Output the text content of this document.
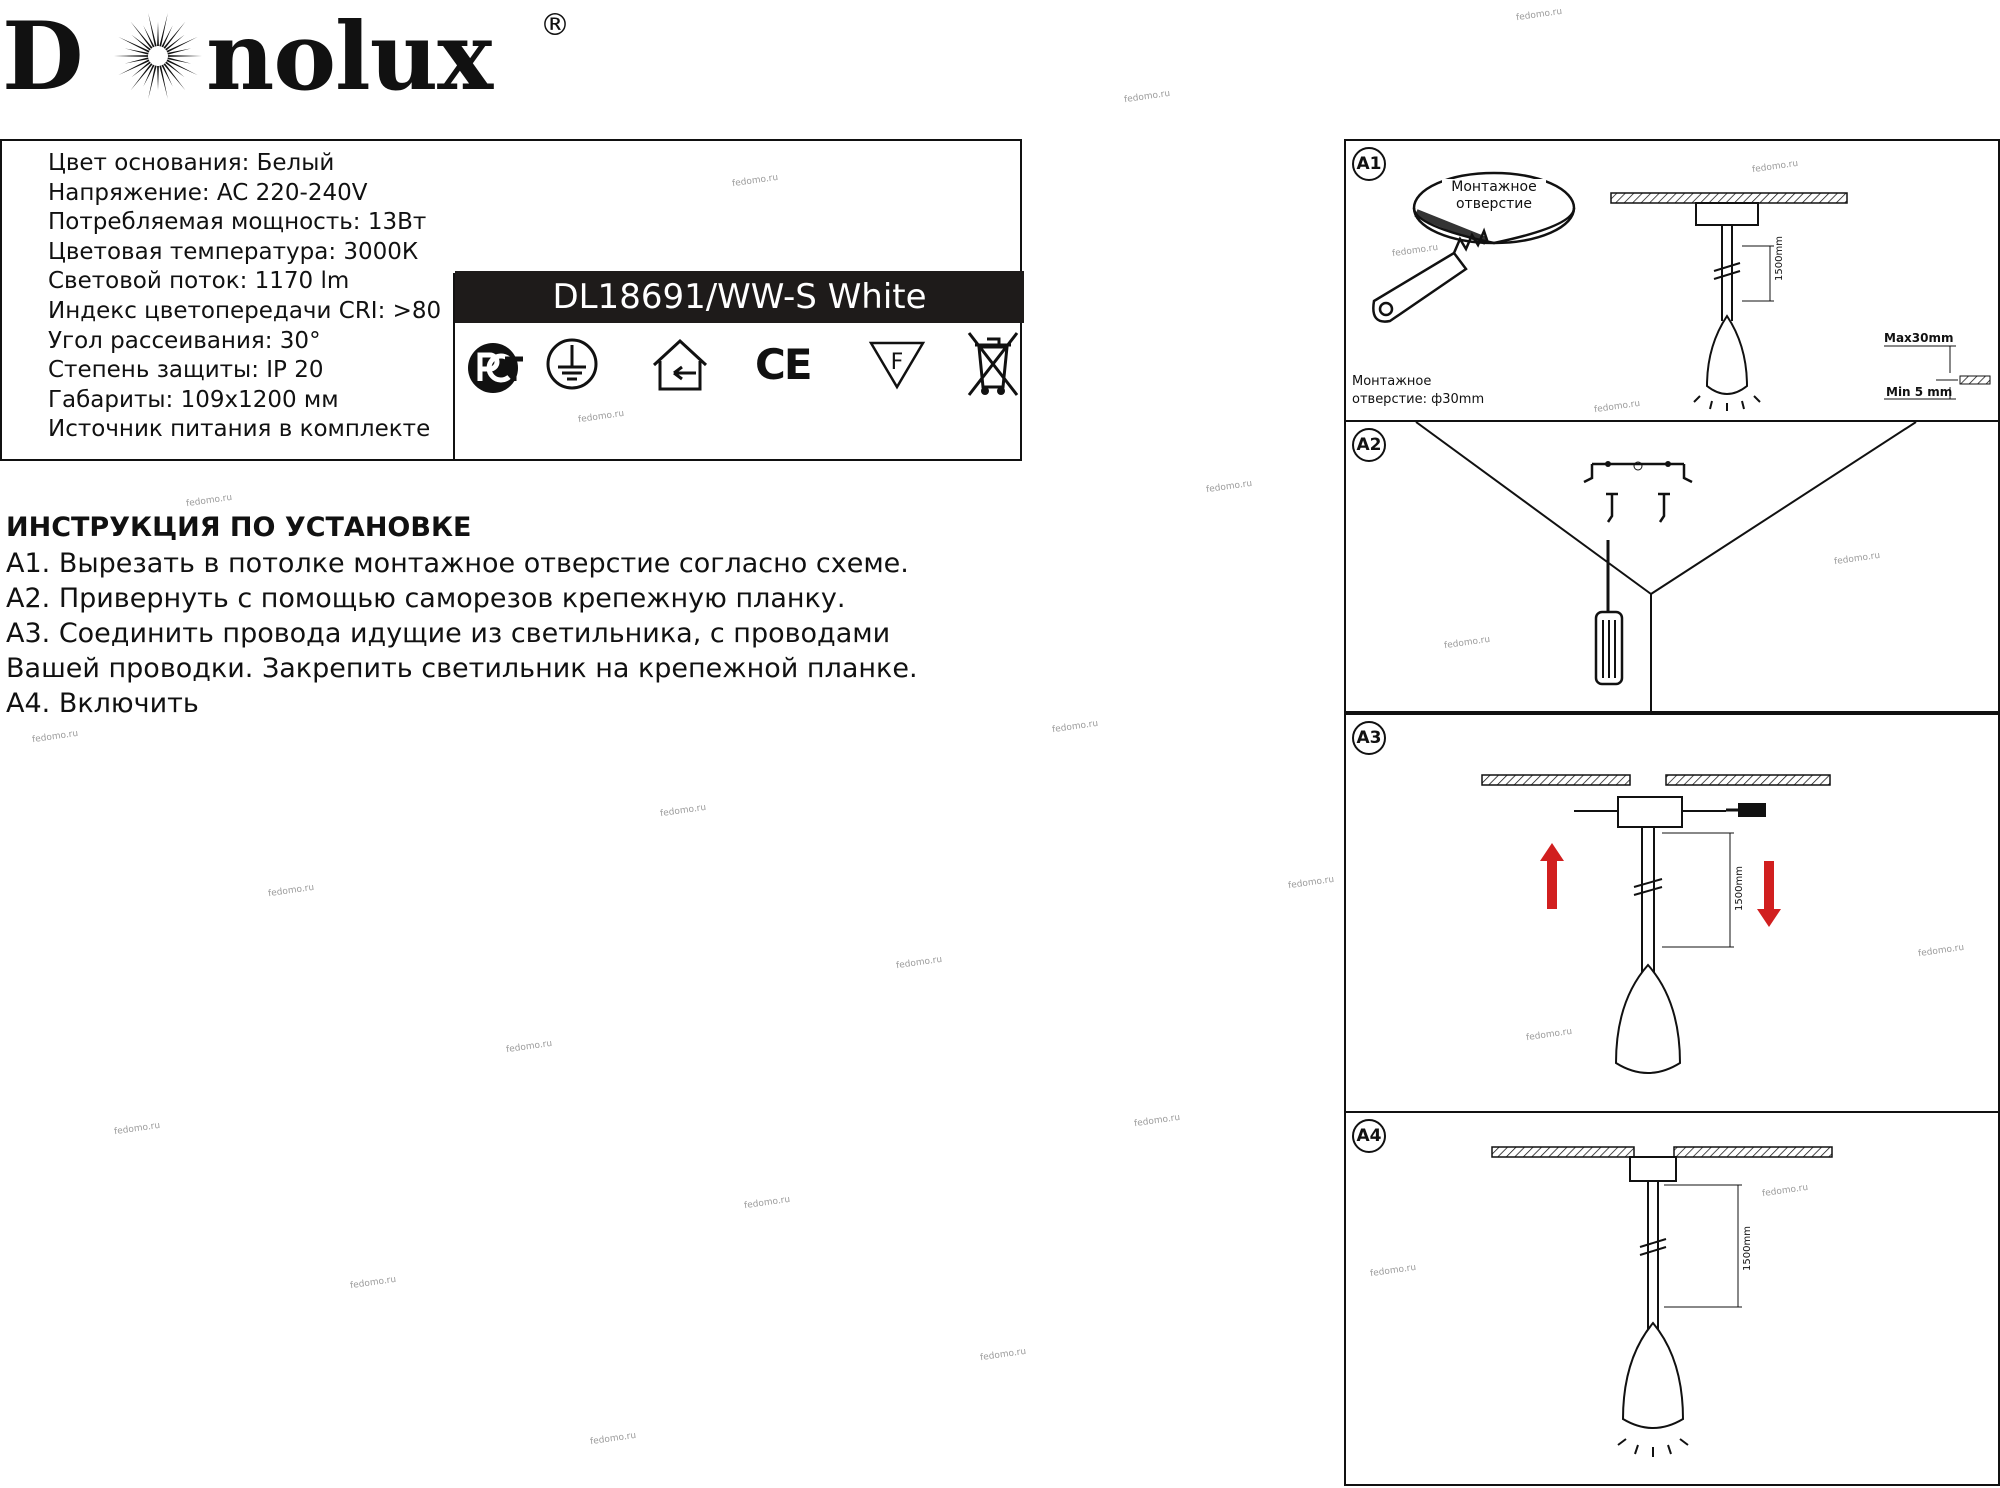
D nolux ®
Цвет основания: Белый
Напряжение: AC 220-240V
Потребляемая мощность: 13Вт
Цветовая температура: 3000К
Световой поток: 1170 lm
Индекс цветопередачи CRI: >80
Угол рассеивания: 30°
Степень защиты: IP 20
Габариты: 109x1200 мм
Источник питания в комплекте
DL18691/WW-S White
CE	F

ИНСТРУКЦИЯ ПО УСТАНОВКЕ

А1. Вырезать в потолке монтажное отверстие согласно схеме.

А2. Привернуть с помощью саморезов крепежную планку.

А3. Соединить провода идущие из светильника, с проводами

Вашей проводки. Закрепить светильник на крепежной планке.

А4. Включить

1500mm
A1
Монтажное
отверстие
Монтажное
отверстие: ф30mm
Max30mm
Min 5 mm
A2
1500mm
A3
1500mm
A4
fedomo.ru
fedomo.ru
fedomo.ru
fedomo.ru
fedomo.ru
fedomo.ru
fedomo.ru
fedomo.ru
fedomo.ru
fedomo.ru
fedomo.ru
fedomo.ru
fedomo.ru
fedomo.ru
fedomo.ru
fedomo.ru
fedomo.ru
fedomo.ru
fedomo.ru
fedomo.ru
fedomo.ru
fedomo.ru
fedomo.ru
fedomo.ru
fedomo.ru
fedomo.ru
fedomo.ru
fedomo.ru
